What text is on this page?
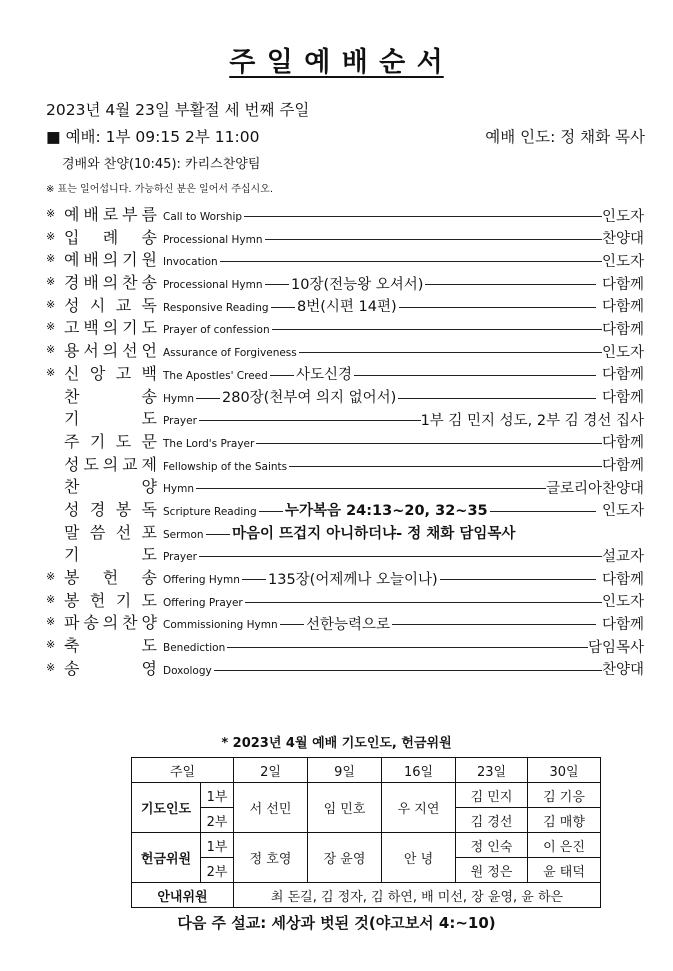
주 일 예 배 순 서
2023년 4월 23일 부활절 세 번째 주일
■ 예배: 1부 09:15 2부 11:00	예배 인도: 정 채화 목사
경배와 찬양(10:45): 카리스찬양팀
※ 표는 일어섭니다. 가능하신 분은 일어서 주십시오.
※ 예 배 로 부 름 Call to Worship	인도자
※ 입 례 송 Processional Hymn	찬양대
※ 예 배 의 기 원 Invocation	인도자
※ 경 배 의 찬 송 Processional Hymn 10장(전능왕 오셔서)	다함께
※ 성 시 교 독 Responsive Reading 8번(시편 14편)	다함께
※ 고 백 의 기 도 Prayer of confession	다함께
※ 용 서 의 선 언 Assurance of Forgiveness	인도자
※ 신 앙 고 백 The Apostles' Creed 사도신경	다함께
찬	송 Hymn 280장(천부여 의지 없어서)	다함께
기	도 Prayer	1부 김 민지 성도, 2부 김 경선 집사
주 기 도 문 The Lord's Prayer	다함께
성 도 의 교 제 Fellowship of the Saints	다함께
찬	양 Hymn	글로리아찬양대
성 경 봉 독 Scripture Reading 누가복음 24:13~20, 32~35	인도자
말 씀 선 포 Sermon 마음이 뜨겁지 아니하더냐- 정 채화 담임목사
기	도 Prayer	설교자
※ 봉 헌 송 Offering Hymn 135장(어제께나 오늘이나)	다함께
※ 봉 헌 기 도 Offering Prayer	인도자
※ 파 송 의 찬 양 Commissioning Hymn 선한능력으로	다함께
※ 축	도 Benediction	담임목사
※ 송	영 Doxology	찬양대
* 2023년 4월 예배 기도인도, 헌금위원
주일		2일	9일	16일	23일	30일
기도인도	1부	서 선민	임 민호	우 지연	김 민지	김 기응
	2부				김 경선	김 매향
헌금위원	1부	정 호영	장 윤영	안 녕	정 인숙	이 은진
	2부				원 정은	윤 태덕
안내위원		최 돈길, 김 정자, 김 하연, 배 미선, 장 윤영, 윤 하은				
다음 주 설교: 세상과 벗된 것(야고보서 4:~10)
